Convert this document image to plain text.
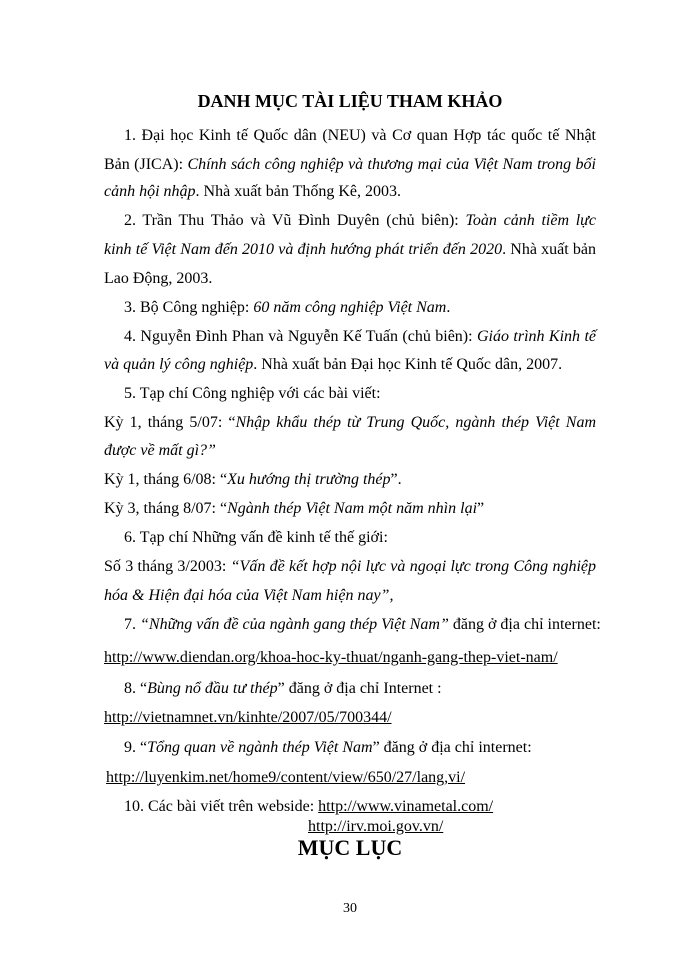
DANH MỤC TÀI LIỆU THAM KHẢO
1. Đại học Kinh tế Quốc dân (NEU) và Cơ quan Hợp tác quốc tế Nhật
Bản (JICA): Chính sách công nghiệp và thương mại của Việt Nam trong bối
cảnh hội nhập. Nhà xuất bản Thống Kê, 2003.
2. Trần Thu Thảo và Vũ Đình Duyên (chủ biên): Toàn cảnh tiềm lực
kinh tế Việt Nam đến 2010 và định hướng phát triển đến 2020. Nhà xuất bản
Lao Động, 2003.
3. Bộ Công nghiệp: 60 năm công nghiệp Việt Nam.
4. Nguyễn Đình Phan và Nguyễn Kế Tuấn (chủ biên): Giáo trình Kinh tế
và quản lý công nghiệp. Nhà xuất bản Đại học Kinh tế Quốc dân, 2007.
5. Tạp chí Công nghiệp với các bài viết:
Kỳ 1, tháng 5/07: “Nhập khẩu thép từ Trung Quốc, ngành thép Việt Nam
được về mất gì?”
Kỳ 1, tháng 6/08: “Xu hướng thị trường thép”.
Kỳ 3, tháng 8/07: “Ngành thép Việt Nam một năm nhìn lại”
6. Tạp chí Những vấn đề kinh tế thế giới:
Số 3 tháng 3/2003: “Vấn đề kết hợp nội lực và ngoại lực trong Công nghiệp
hóa & Hiện đại hóa của Việt Nam hiện nay”,
7. “Những vấn đề của ngành gang thép Việt Nam” đăng ở địa chỉ internet:
http://www.diendan.org/khoa-hoc-ky-thuat/nganh-gang-thep-viet-nam/
8. “Bùng nổ đầu tư thép” đăng ở địa chỉ Internet :
http://vietnamnet.vn/kinhte/2007/05/700344/
9. “Tổng quan về ngành thép Việt Nam” đăng ở địa chỉ internet:
http://luyenkim.net/home9/content/view/650/27/lang,vi/
10. Các bài viết trên webside: http://www.vinametal.com/
http://irv.moi.gov.vn/
MỤC LỤC
30
